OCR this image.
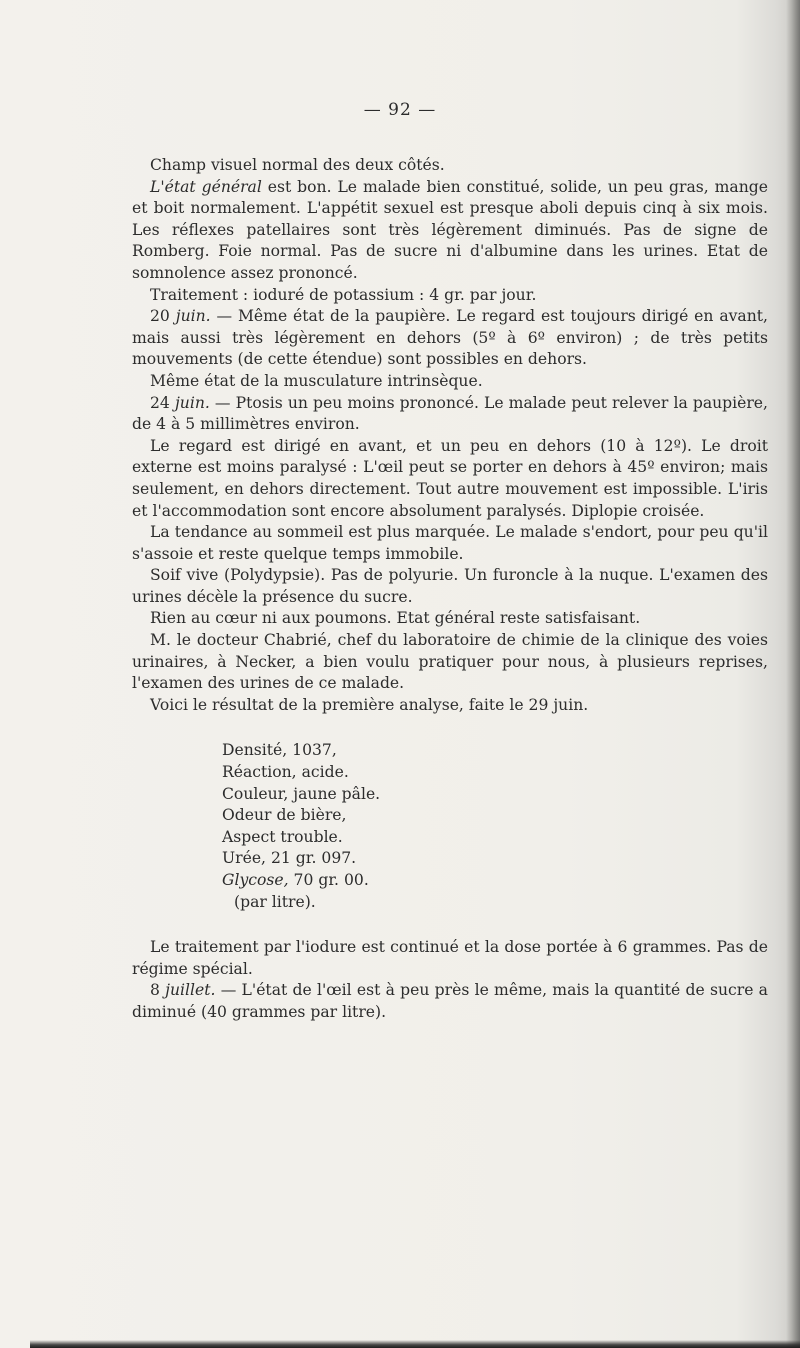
— 92 —

Champ visuel normal des deux côtés.

L'état général est bon. Le malade bien constitué, solide, un peu gras, mange et boit normalement. L'appétit sexuel est presque aboli depuis cinq à six mois. Les réflexes patellaires sont très légèrement diminués. Pas de signe de Romberg. Foie normal. Pas de sucre ni d'albumine dans les urines. Etat de somnolence assez prononcé.

Traitement : ioduré de potassium : 4 gr. par jour.

20 juin. — Même état de la paupière. Le regard est toujours dirigé en avant, mais aussi très légèrement en dehors (5º à 6º environ) ; de très petits mouvements (de cette étendue) sont possibles en dehors.

Même état de la musculature intrinsèque.

24 juin. — Ptosis un peu moins prononcé. Le malade peut relever la paupière, de 4 à 5 millimètres environ.

Le regard est dirigé en avant, et un peu en dehors (10 à 12º). Le droit externe est moins paralysé : L'œil peut se porter en dehors à 45º environ; mais seulement, en dehors directement. Tout autre mouvement est impossible. L'iris et l'accommodation sont encore absolument paralysés. Diplopie croisée.

La tendance au sommeil est plus marquée. Le malade s'endort, pour peu qu'il s'assoie et reste quelque temps immobile.

Soif vive (Polydypsie). Pas de polyurie. Un furoncle à la nuque. L'examen des urines décèle la présence du sucre.

Rien au cœur ni aux poumons. Etat général reste satisfaisant.

M. le docteur Chabrié, chef du laboratoire de chimie de la clinique des voies urinaires, à Necker, a bien voulu pratiquer pour nous, à plusieurs reprises, l'examen des urines de ce malade.

Voici le résultat de la première analyse, faite le 29 juin.

Densité, 1037,
Réaction, acide.
Couleur, jaune pâle.
Odeur de bière,
Aspect trouble.
Urée, 21 gr. 097.
Glycose, 70 gr. 00.
(par litre).

Le traitement par l'iodure est continué et la dose portée à 6 grammes. Pas de régime spécial.

8 juillet. — L'état de l'œil est à peu près le même, mais la quantité de sucre a diminué (40 grammes par litre).
